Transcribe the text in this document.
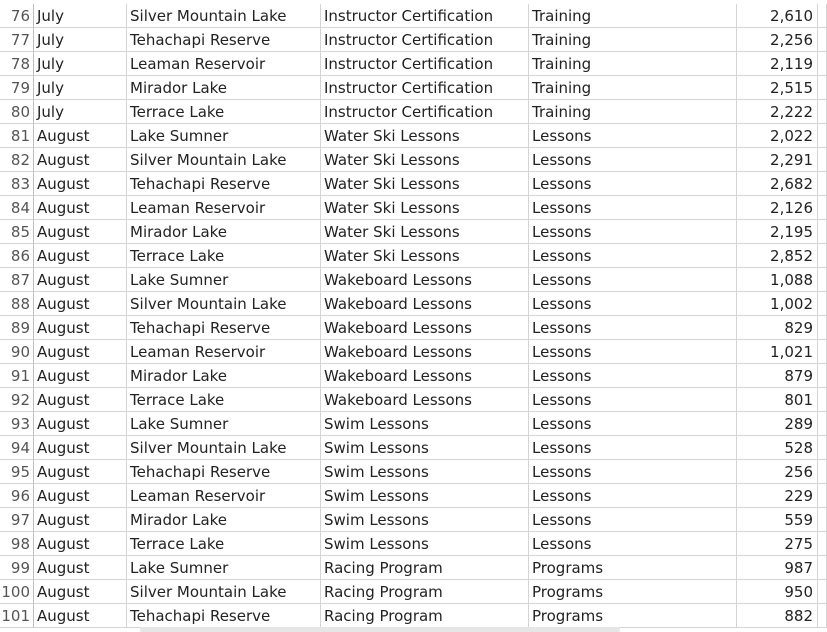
76 July	Silver Mountain Lake	Instructor Certification	Training	2,610
77 July	Tehachapi Reserve	Instructor Certification	Training	2,256
78 July	Leaman Reservoir	Instructor Certification	Training	2,119
79 July	Mirador Lake	Instructor Certification	Training	2,515
80 July	Terrace Lake	Instructor Certification	Training	2,222
81 August	Lake Sumner	Water Ski Lessons	Lessons	2,022
82 August	Silver Mountain Lake	Water Ski Lessons	Lessons	2,291
83 August	Tehachapi Reserve	Water Ski Lessons	Lessons	2,682
84 August	Leaman Reservoir	Water Ski Lessons	Lessons	2,126
85 August	Mirador Lake	Water Ski Lessons	Lessons	2,195
86 August	Terrace Lake	Water Ski Lessons	Lessons	2,852
87 August	Lake Sumner	Wakeboard Lessons	Lessons	1,088
88 August	Silver Mountain Lake	Wakeboard Lessons	Lessons	1,002
89 August	Tehachapi Reserve	Wakeboard Lessons	Lessons	829
90 August	Leaman Reservoir	Wakeboard Lessons	Lessons	1,021
91 August	Mirador Lake	Wakeboard Lessons	Lessons	879
92 August	Terrace Lake	Wakeboard Lessons	Lessons	801
93 August	Lake Sumner	Swim Lessons	Lessons	289
94 August	Silver Mountain Lake	Swim Lessons	Lessons	528
95 August	Tehachapi Reserve	Swim Lessons	Lessons	256
96 August	Leaman Reservoir	Swim Lessons	Lessons	229
97 August	Mirador Lake	Swim Lessons	Lessons	559
98 August	Terrace Lake	Swim Lessons	Lessons	275
99 August	Lake Sumner	Racing Program	Programs	987
100 August	Silver Mountain Lake	Racing Program	Programs	950
101 August	Tehachapi Reserve	Racing Program	Programs	882
